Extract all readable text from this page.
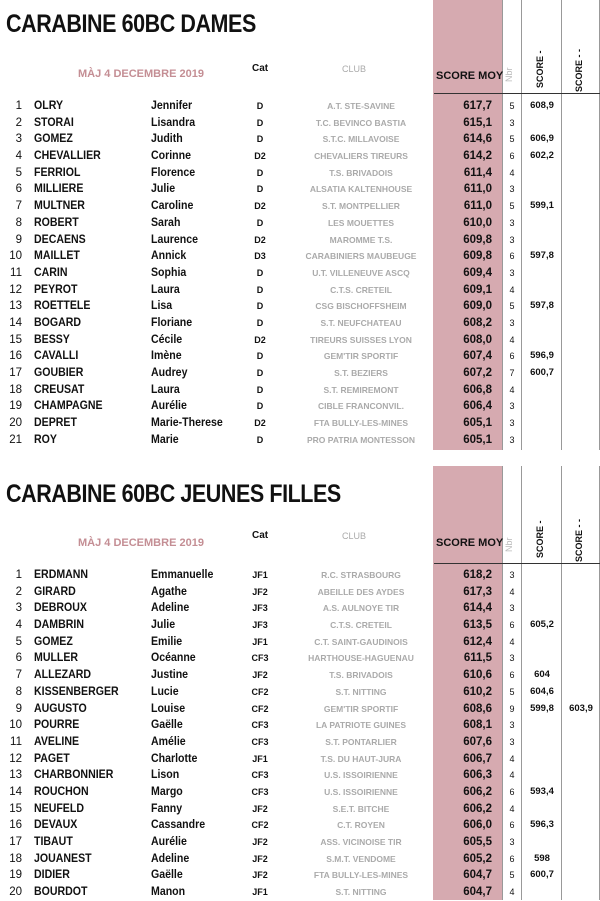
CARABINE 60BC DAMES
MÀJ 4 DECEMBRE 2019	Cat	CLUB
SCORE MOY Nbr SCORE -	SCORE - -
1 OLRY	Jennifer	D	A.T. STE-SAVINE	617,7	5	608,9
2 STORAI	Lisandra	D	T.C. BEVINCO BASTIA	615,1	3
3 GOMEZ	Judith	D	S.T.C. MILLAVOISE	614,6	5	606,9
4 CHEVALLIER	Corinne	D2	CHEVALIERS TIREURS	614,2	6	602,2
5 FERRIOL	Florence	D	T.S. BRIVADOIS	611,4	4
6 MILLIERE	Julie	D	ALSATIA KALTENHOUSE	611,0	3
7 MULTNER	Caroline	D2	S.T. MONTPELLIER	611,0	5	599,1
8 ROBERT	Sarah	D	LES MOUETTES	610,0	3
9 DECAENS	Laurence	D2	MAROMME T.S.	609,8	3
10 MAILLET	Annick	D3	CARABINIERS MAUBEUGE	609,8	6	597,8
11 CARIN	Sophia	D	U.T. VILLENEUVE ASCQ	609,4	3
12 PEYROT	Laura	D	C.T.S. CRETEIL	609,1	4
13 ROETTELE	Lisa	D	CSG BISCHOFFSHEIM	609,0	5	597,8
14 BOGARD	Floriane	D	S.T. NEUFCHATEAU	608,2	3
15 BESSY	Cécile	D2	TIREURS SUISSES LYON	608,0	4
16 CAVALLI	Imène	D	GEM'TIR SPORTIF	607,4	6	596,9
17 GOUBIER	Audrey	D	S.T. BEZIERS	607,2	7	600,7
18 CREUSAT	Laura	D	S.T. REMIREMONT	606,8	4
19 CHAMPAGNE	Aurélie	D	CIBLE FRANCONVIL.	606,4	3
20 DEPRET	Marie-Therese	D2	FTA BULLY-LES-MINES	605,1	3
21 ROY	Marie	D	PRO PATRIA MONTESSON	605,1	3
CARABINE 60BC JEUNES FILLES
MÀJ 4 DECEMBRE 2019
Cat	CLUB
SCORE MOY Nbr SCORE -	SCORE - -
1 ERDMANN	Emmanuelle	JF1	R.C. STRASBOURG	618,2	3
2 GIRARD	Agathe	JF2	ABEILLE DES AYDES	617,3	4
3 DEBROUX	Adeline	JF3	A.S. AULNOYE TIR	614,4	3
4 DAMBRIN	Julie	JF3	C.T.S. CRETEIL	613,5	6	605,2
5 GOMEZ	Emilie	JF1	C.T. SAINT-GAUDINOIS	612,4	4
6 MULLER	Océanne	CF3	HARTHOUSE-HAGUENAU	611,5	3
7 ALLEZARD	Justine	JF2	T.S. BRIVADOIS	610,6	6	604
8 KISSENBERGER	Lucie	CF2	S.T. NITTING	610,2	5	604,6
9 AUGUSTO	Louise	CF2	GEM'TIR SPORTIF	608,6	9	599,8	603,9
10 POURRE	Gaëlle	CF3	LA PATRIOTE GUINES	608,1	3
11 AVELINE	Amélie	CF3	S.T. PONTARLIER	607,6	3
12 PAGET	Charlotte	JF1	T.S. DU HAUT-JURA	606,7	4
13 CHARBONNIER	Lison	CF3	U.S. ISSOIRIENNE	606,3	4
14 ROUCHON	Margo	CF3	U.S. ISSOIRIENNE	606,2	6	593,4
15 NEUFELD	Fanny	JF2	S.E.T. BITCHE	606,2	4
16 DEVAUX	Cassandre	CF2	C.T. ROYEN	606,0	6	596,3
17 TIBAUT	Aurélie	JF2	ASS. VICINOISE TIR	605,5	3
18 JOUANEST	Adeline	JF2	S.M.T. VENDOME	605,2	6	598
19 DIDIER	Gaëlle	JF2	FTA BULLY-LES-MINES	604,7	5	600,7
20 BOURDOT	Manon	JF1	S.T. NITTING	604,7	4
